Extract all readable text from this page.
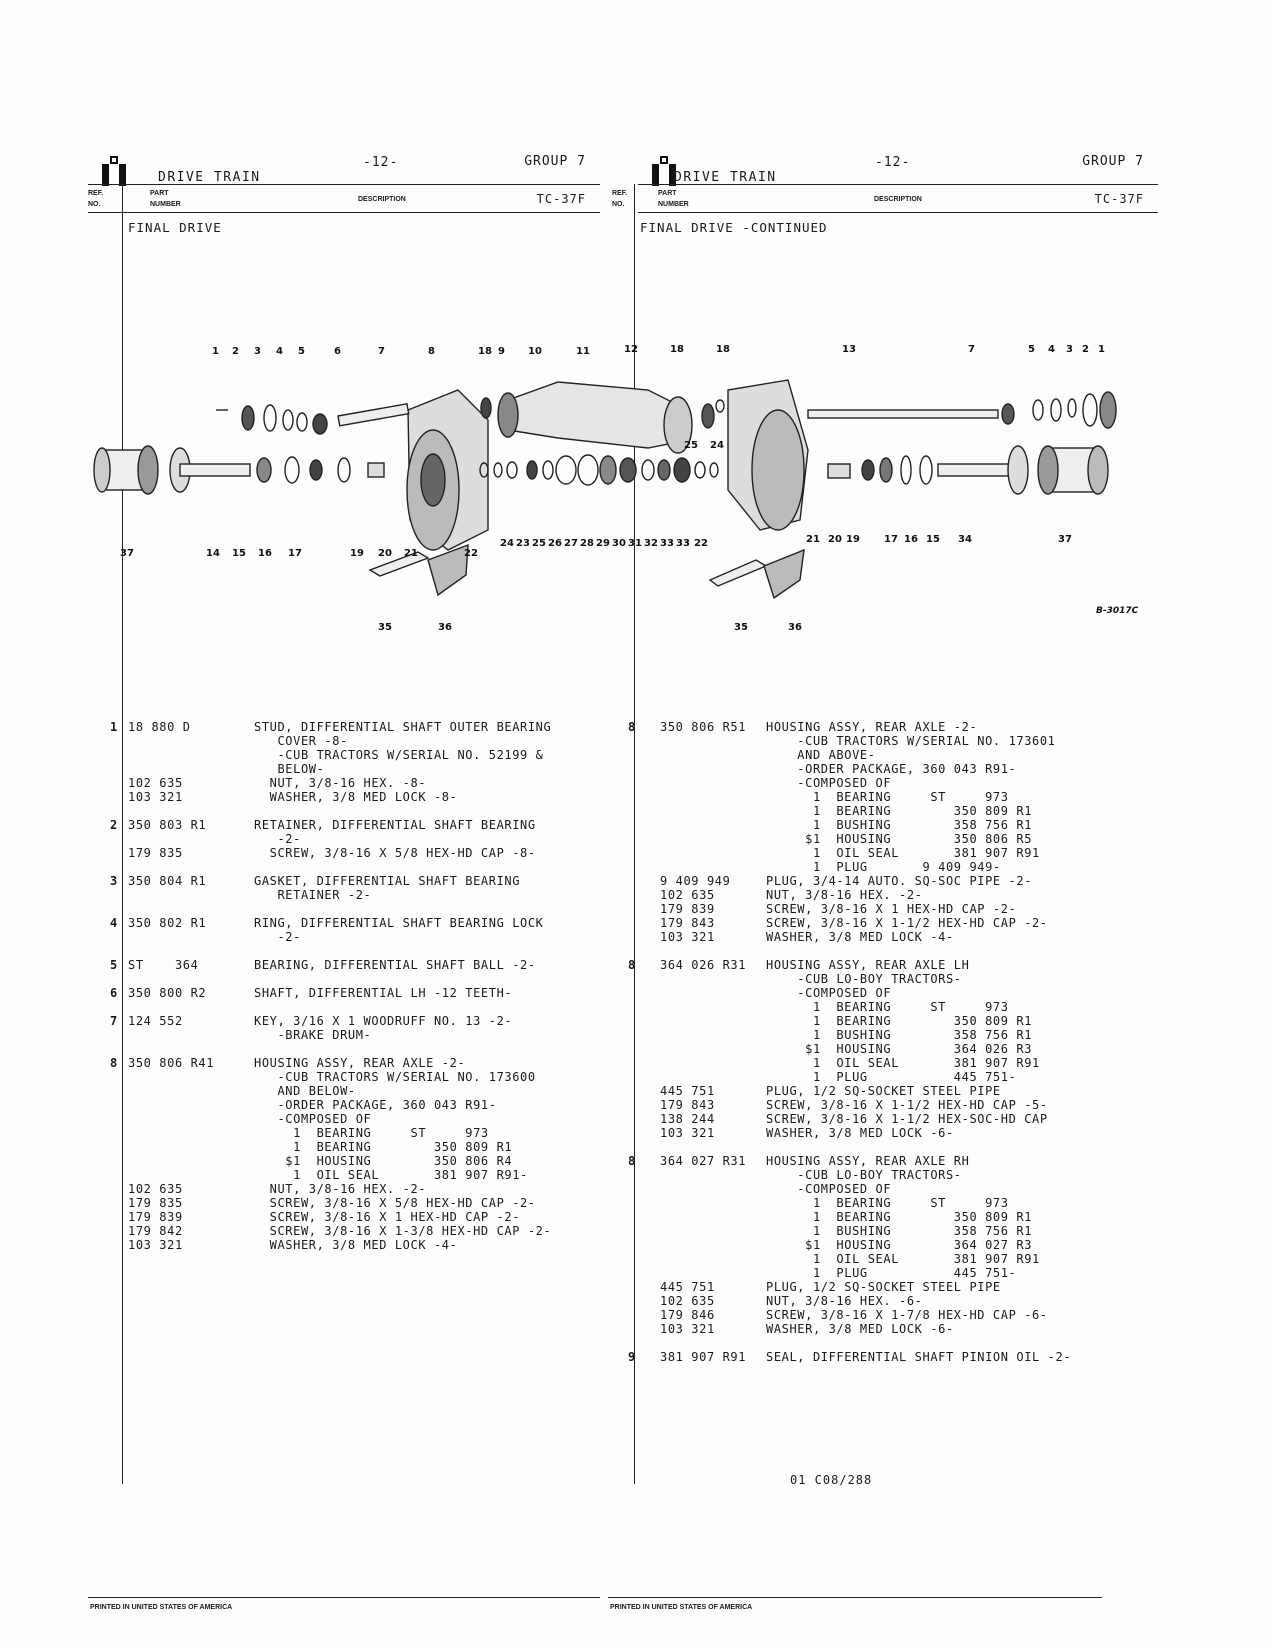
DRIVE TRAIN
-12-	GROUP 7
REF.
NO.
PART
NUMBER
DESCRIPTION	TC-37F
FINAL DRIVE
1 18 880 D	STUD, DIFFERENTIAL SHAFT OUTER BEARING
COVER -8-
-CUB TRACTORS W/SERIAL NO. 52199 &
BELOW-
102 635	NUT, 3/8-16 HEX. -8-
103 321	WASHER, 3/8 MED LOCK -8-
2 350 803 R1	RETAINER, DIFFERENTIAL SHAFT BEARING
-2-
179 835	SCREW, 3/8-16 X 5/8 HEX-HD CAP -8-
3 350 804 R1	GASKET, DIFFERENTIAL SHAFT BEARING
RETAINER -2-
4 350 802 R1	RING, DIFFERENTIAL SHAFT BEARING LOCK
-2-
5 ST    364	BEARING, DIFFERENTIAL SHAFT BALL -2-
6 350 800 R2	SHAFT, DIFFERENTIAL LH -12 TEETH-
7 124 552	KEY, 3/16 X 1 WOODRUFF NO. 13 -2-
-BRAKE DRUM-
8 350 806 R41	HOUSING ASSY, REAR AXLE -2-
-CUB TRACTORS W/SERIAL NO. 173600
AND BELOW-
-ORDER PACKAGE, 360 043 R91-
-COMPOSED OF
1  BEARING     ST     973
1  BEARING        350 809 R1
$1  HOUSING        350 806 R4
1  OIL SEAL       381 907 R91-
102 635	NUT, 3/8-16 HEX. -2-
179 835	SCREW, 3/8-16 X 5/8 HEX-HD CAP -2-
179 839	SCREW, 3/8-16 X 1 HEX-HD CAP -2-
179 842	SCREW, 3/8-16 X 1-3/8 HEX-HD CAP -2-
103 321	WASHER, 3/8 MED LOCK -4-
DRIVE TRAIN
-12-	GROUP 7
REF.
NO.
PART
NUMBER
DESCRIPTION	TC-37F
FINAL DRIVE -CONTINUED
8 350 806 R51 HOUSING ASSY, REAR AXLE -2-
-CUB TRACTORS W/SERIAL NO. 173601
AND ABOVE-
-ORDER PACKAGE, 360 043 R91-
-COMPOSED OF
1  BEARING     ST     973
1  BEARING        350 809 R1
1  BUSHING        358 756 R1
$1  HOUSING        350 806 R5
1  OIL SEAL       381 907 R91
1  PLUG       9 409 949-
9 409 949	PLUG, 3/4-14 AUTO. SQ-SOC PIPE -2-
102 635	NUT, 3/8-16 HEX. -2-
179 839	SCREW, 3/8-16 X 1 HEX-HD CAP -2-
179 843	SCREW, 3/8-16 X 1-1/2 HEX-HD CAP -2-
103 321	WASHER, 3/8 MED LOCK -4-
8 364 026 R31 HOUSING ASSY, REAR AXLE LH
-CUB LO-BOY TRACTORS-
-COMPOSED OF
1  BEARING     ST     973
1  BEARING        350 809 R1
1  BUSHING        358 756 R1
$1  HOUSING        364 026 R3
1  OIL SEAL       381 907 R91
1  PLUG           445 751-
445 751	PLUG, 1/2 SQ-SOCKET STEEL PIPE
179 843	SCREW, 3/8-16 X 1-1/2 HEX-HD CAP -5-
138 244	SCREW, 3/8-16 X 1-1/2 HEX-SOC-HD CAP
103 321	WASHER, 3/8 MED LOCK -6-
8 364 027 R31 HOUSING ASSY, REAR AXLE RH
-CUB LO-BOY TRACTORS-
-COMPOSED OF
1  BEARING     ST     973
1  BEARING        350 809 R1
1  BUSHING        358 756 R1
$1  HOUSING        364 027 R3
1  OIL SEAL       381 907 R91
1  PLUG           445 751-
445 751	PLUG, 1/2 SQ-SOCKET STEEL PIPE
102 635	NUT, 3/8-16 HEX. -6-
179 846	SCREW, 3/8-16 X 1-7/8 HEX-HD CAP -6-
103 321	WASHER, 3/8 MED LOCK -6-
9 381 907 R91 SEAL, DIFFERENTIAL SHAFT PINION OIL -2-
1 2 3 4 5	6	7	8	18 9 10	11	12	18	18	13	7	5 4 3 2 1
25 24
37	14 15 16 17	19 20 21	22
24 23 25 26 27 28 29 30 31 32 33 33 22	21 20 19 17 16 15 34	37
35	36	35	36
B-3017C
PRINTED IN UNITED STATES OF AMERICA	PRINTED IN UNITED STATES OF AMERICA
01 C08/288
